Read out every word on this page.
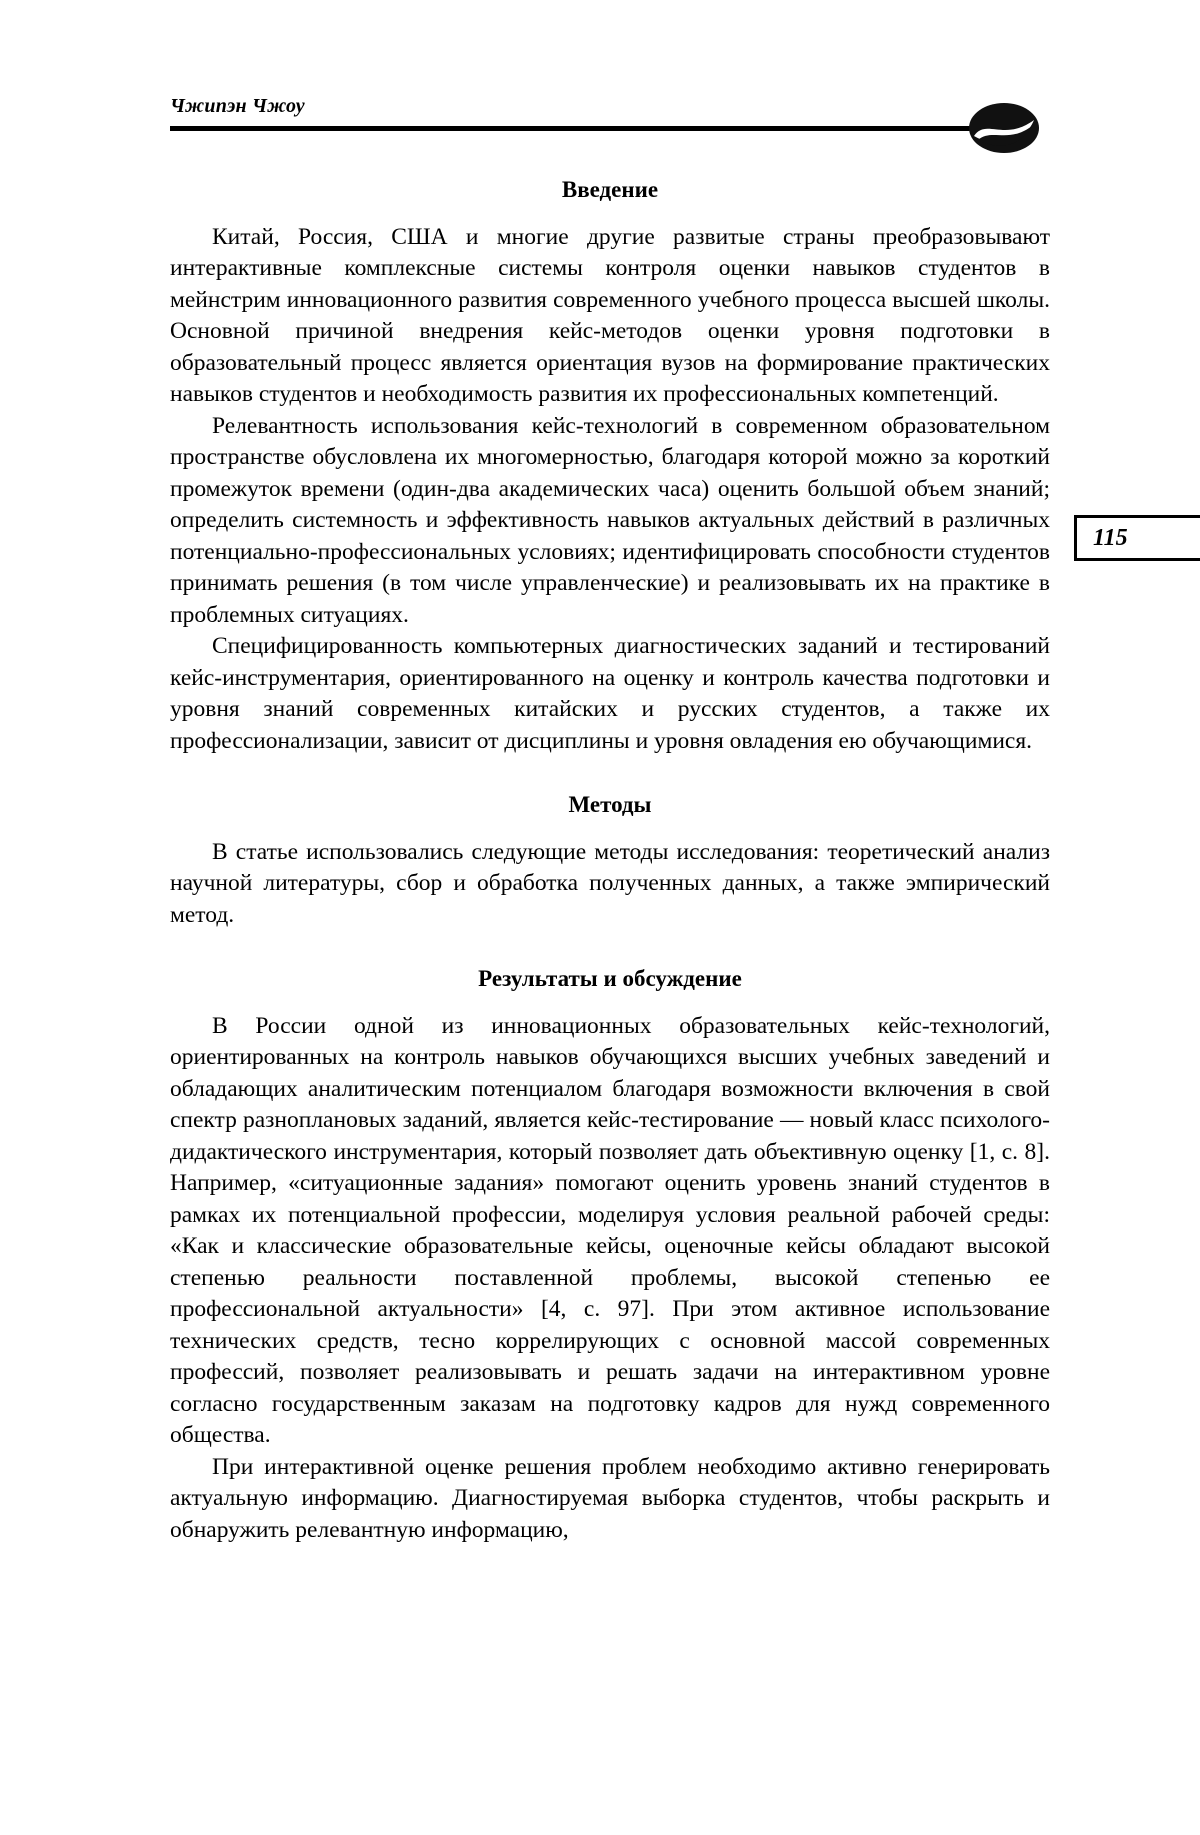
Чжипэн Чжоу
115
Введение

Китай, Россия, США и многие другие развитые страны преобразовывают интерактивные комплексные системы контроля оценки навыков студентов в мейнстрим инновационного развития современного учебного процесса высшей школы. Основной причиной внедрения кейс-методов оценки уровня подготовки в образовательный процесс является ориентация вузов на формирование практических навыков студентов и необходимость развития их профессиональных компетенций.

Релевантность использования кейс-технологий в современном образовательном пространстве обусловлена их многомерностью, благодаря которой можно за короткий промежуток времени (один-два академических часа) оценить большой объем знаний; определить системность и эффективность навыков актуальных действий в различных потенциально-профессиональных условиях; идентифицировать способности студентов принимать решения (в том числе управленческие) и реализовывать их на практике в проблемных ситуациях.

Специфицированность компьютерных диагностических заданий и тестирований кейс-инструментария, ориентированного на оценку и контроль качества подготовки и уровня знаний современных китайских и русских студентов, а также их профессионализации, зависит от дисциплины и уровня овладения ею обучающимися.

Методы

В статье использовались следующие методы исследования: теоретический анализ научной литературы, сбор и обработка полученных данных, а также эмпирический метод.

Результаты и обсуждение

В России одной из инновационных образовательных кейс-технологий, ориентированных на контроль навыков обучающихся высших учебных заведений и обладающих аналитическим потенциалом благодаря возможности включения в свой спектр разноплановых заданий, является кейс-тестирование — новый класс психолого-дидактического инструментария, который позволяет дать объективную оценку [1, с. 8]. Например, «ситуационные задания» помогают оценить уровень знаний студентов в рамках их потенциальной профессии, моделируя условия реальной рабочей среды: «Как и классические образовательные кейсы, оценочные кейсы обладают высокой степенью реальности поставленной проблемы, высокой степенью ее профессиональной актуальности» [4, с. 97]. При этом активное использование технических средств, тесно коррелирующих с основной массой современных профессий, позволяет реализовывать и решать задачи на интерактивном уровне согласно государственным заказам на подготовку кадров для нужд современного общества.

При интерактивной оценке решения проблем необходимо активно генерировать актуальную информацию. Диагностируемая выборка студентов, чтобы раскрыть и обнаружить релевантную информацию,
